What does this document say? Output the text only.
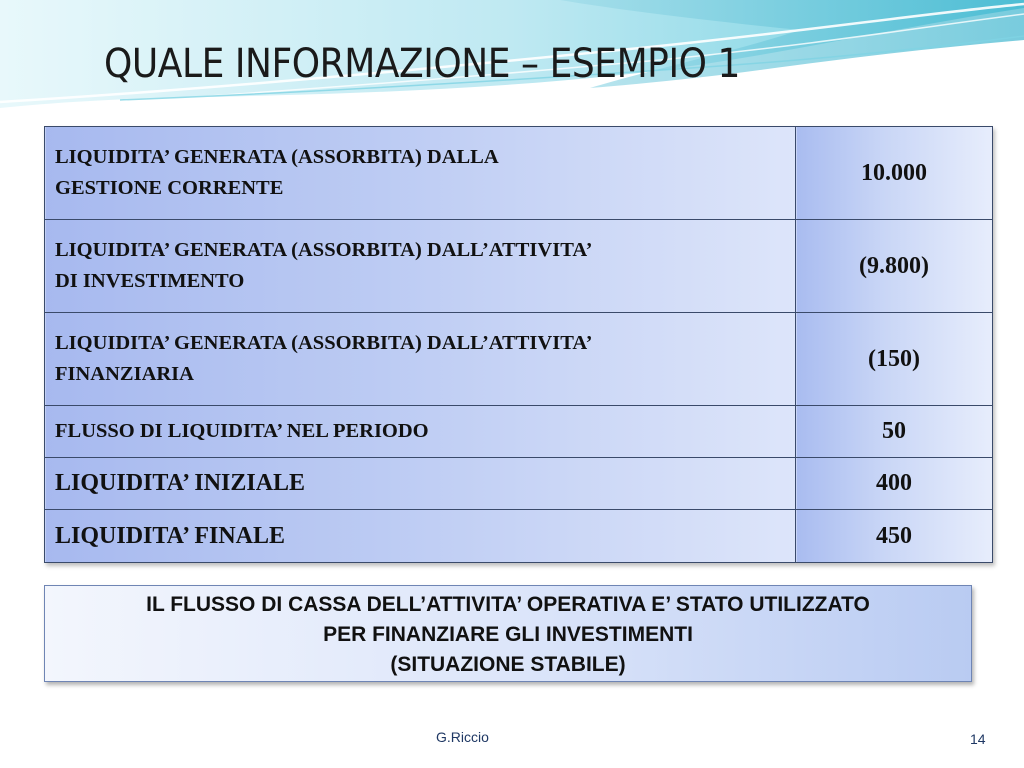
QUALE INFORMAZIONE – ESEMPIO 1
LIQUIDITA’ GENERATA (ASSORBITA) DALLA
GESTIONE CORRENTE	10.000
LIQUIDITA’ GENERATA (ASSORBITA) DALL’ATTIVITA’
DI INVESTIMENTO	(9.800)
LIQUIDITA’ GENERATA (ASSORBITA) DALL’ATTIVITA’
FINANZIARIA	(150)
FLUSSO DI LIQUIDITA’ NEL PERIODO	50
LIQUIDITA’ INIZIALE	400
LIQUIDITA’ FINALE	450
IL FLUSSO DI CASSA DELL’ATTIVITA’ OPERATIVA E’ STATO UTILIZZATO
PER FINANZIARE GLI INVESTIMENTI
(SITUAZIONE STABILE)
G.Riccio	14
